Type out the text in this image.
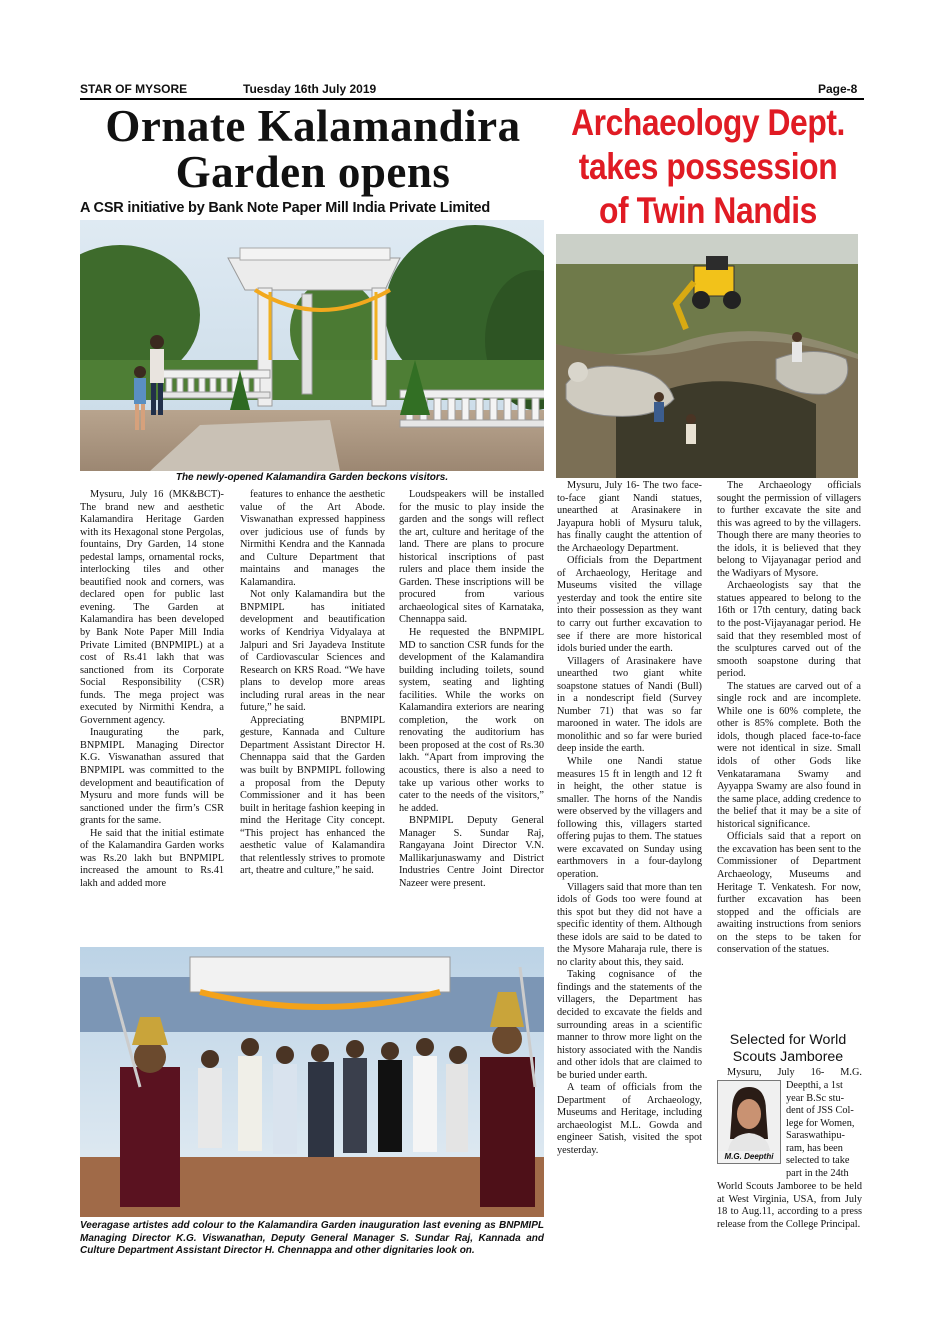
STAR OF MYSORE	Tuesday 16th July 2019	Page-8
Ornate Kalamandira
Garden opens
A CSR initiative by Bank Note Paper Mill India Private Limited
The newly-opened Kalamandira Garden beckons visitors.

Mysuru, July 16 (MK&BCT)- The brand new and aesthetic Kalamandira Heritage Garden with its Hexagonal stone Pergolas, fountains, Dry Garden, 14 stone pedestal lamps, ornamental rocks, interlocking tiles and other beautified nook and corners, was declared open for public last evening. The Garden at Kalamandira has been developed by Bank Note Paper Mill India Private Limited (BNPMIPL) at a cost of Rs.41 lakh that was sanctioned from its Corporate Social Responsibility (CSR) funds. The mega project was executed by Nirmithi Kendra, a Government agency.

Inaugurating the park, BNPMIPL Managing Director K.G. Viswanathan assured that BNPMIPL was committed to the development and beautification of Mysuru and more funds will be sanctioned under the firm’s CSR grants for the same.

He said that the initial estimate of the Kalamandira Garden works was Rs.20 lakh but BNPMIPL increased the amount to Rs.41 lakh and added more

features to enhance the aesthetic value of the Art Abode. Viswanathan expressed happiness over judicious use of funds by Nirmithi Kendra and the Kannada and Culture Department that maintains and manages the Kalamandira.

Not only Kalamandira but the BNPMIPL has initiated development and beautification works of Kendriya Vidyalaya at Jalpuri and Sri Jayadeva Institute of Cardiovascular Sciences and Research on KRS Road. “We have plans to develop more areas including rural areas in the near future,” he said.

Appreciating BNPMIPL gesture, Kannada and Culture Department Assistant Director H. Chennappa said that the Garden was built by BNPMIPL following a proposal from the Deputy Commissioner and it has been built in heritage fashion keeping in mind the Heritage City concept. “This project has enhanced the aesthetic value of Kalamandira that relentlessly strives to promote art, theatre and culture,” he said.

Loudspeakers will be installed for the music to play inside the garden and the songs will reflect the art, culture and heritage of the land. There are plans to procure historical inscriptions of past rulers and place them inside the Garden. These inscriptions will be procured from various archaeological sites of Karnataka, Chennappa said.

He requested the BNPMIPL MD to sanction CSR funds for the development of the Kalamandira building including toilets, sound system, seating and lighting facilities. While the works on Kalamandira exteriors are nearing completion, the work on renovating the auditorium has been proposed at the cost of Rs.30 lakh. “Apart from improving the acoustics, there is also a need to take up various other works to cater to the needs of the visitors,” he added.

BNPMIPL Deputy General Manager S. Sundar Raj, Rangayana Joint Director V.N. Mallikarjunaswamy and District Industries Centre Joint Director Nazeer were present.

Veeragase artistes add colour to the Kalamandira Garden inauguration last evening as BNPMIPL Managing Director K.G. Viswanathan, Deputy General Manager S. Sundar Raj, Kannada and Culture Department Assistant Director H. Chennappa and other dignitaries look on.
Archaeology Dept.
takes possession
of Twin Nandis

Mysuru, July 16- The two face-to-face giant Nandi statues, unearthed at Arasinakere in Jayapura hobli of Mysuru taluk, has finally caught the attention of the Archaeology Department.

Officials from the Department of Archaeology, Heritage and Museums visited the village yesterday and took the entire site into their possession as they want to carry out further excavation to see if there are more historical idols buried under the earth.

Villagers of Arasinakere have unearthed two giant white soapstone statues of Nandi (Bull) in a nondescript field (Survey Number 71) that was so far marooned in water. The idols are monolithic and so far were buried deep inside the earth.

While one Nandi statue measures 15 ft in length and 12 ft in height, the other statue is smaller. The horns of the Nandis were observed by the villagers and following this, villagers started offering pujas to them. The statues were excavated on Sunday using earthmovers in a four-daylong operation.

Villagers said that more than ten idols of Gods too were found at this spot but they did not have a specific identity of them. Although these idols are said to be dated to the Mysore Maharaja rule, there is no clarity about this, they said.

Taking cognisance of the findings and the statements of the villagers, the Department has decided to excavate the fields and surrounding areas in a scientific manner to throw more light on the history associated with the Nandis and other idols that are claimed to be buried under earth.

A team of officials from the Department of Archaeology, Museums and Heritage, including archaeologist M.L. Gowda and engineer Satish, visited the spot yesterday.

The Archaeology officials sought the permission of villagers to further excavate the site and this was agreed to by the villagers. Though there are many theories to the idols, it is believed that they belong to Vijayanagar period and the Wadiyars of Mysore.

Archaeologists say that the statues appeared to belong to the 16th or 17th century, dating back to the post-Vijayanagar period. He said that they resembled most of the sculptures carved out of the smooth soapstone during that period.

The statues are carved out of a single rock and are incomplete. While one is 60% complete, the other is 85% complete. Both the idols, though placed face-to-face were not identical in size. Small idols of other Gods like Venkataramana Swamy and Ayyappa Swamy are also found in the same place, adding credence to the belief that it may be a site of historical significance.

Officials said that a report on the excavation has been sent to the Commissioner of Department Archaeology, Museums and Heritage T. Venkatesh. For now, further excavation has been stopped and the officials are awaiting instructions from seniors on the steps to be taken for conservation of the statues.

Selected for World
Scouts Jamboree
Mysuru, July 16- M.G.
M.G. Deepthi
Deepthi, a 1st
year B.Sc stu-
dent of JSS Col-
lege for Women,
Saraswathipu-
ram, has been
selected to take
part in the 24th

World Scouts Jamboree to be held at West Virginia, USA, from July 18 to Aug.11, according to a press release from the College Principal.
